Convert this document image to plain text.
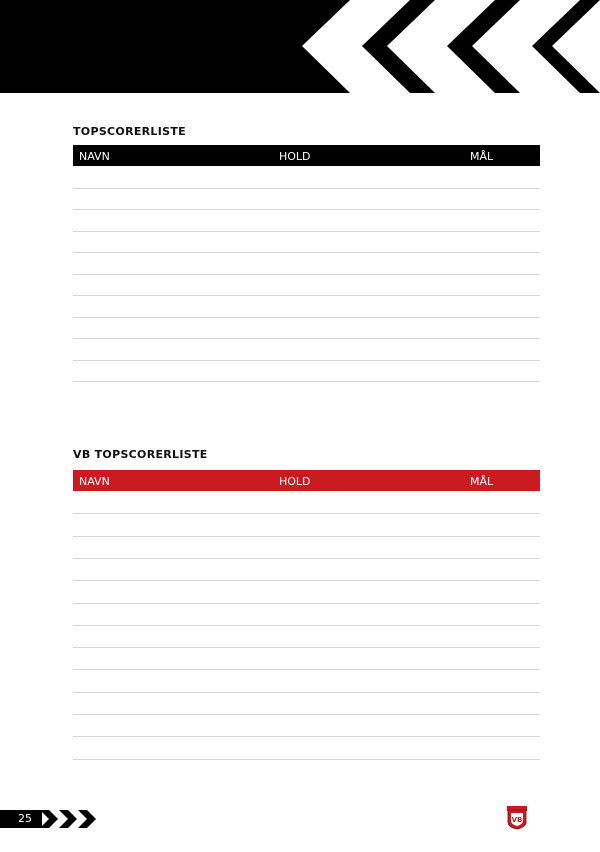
TOPSCORERLISTE
NAVN	HOLD	MÅL
VB TOPSCORERLISTE
NAVN	HOLD	MÅL
25	VB
